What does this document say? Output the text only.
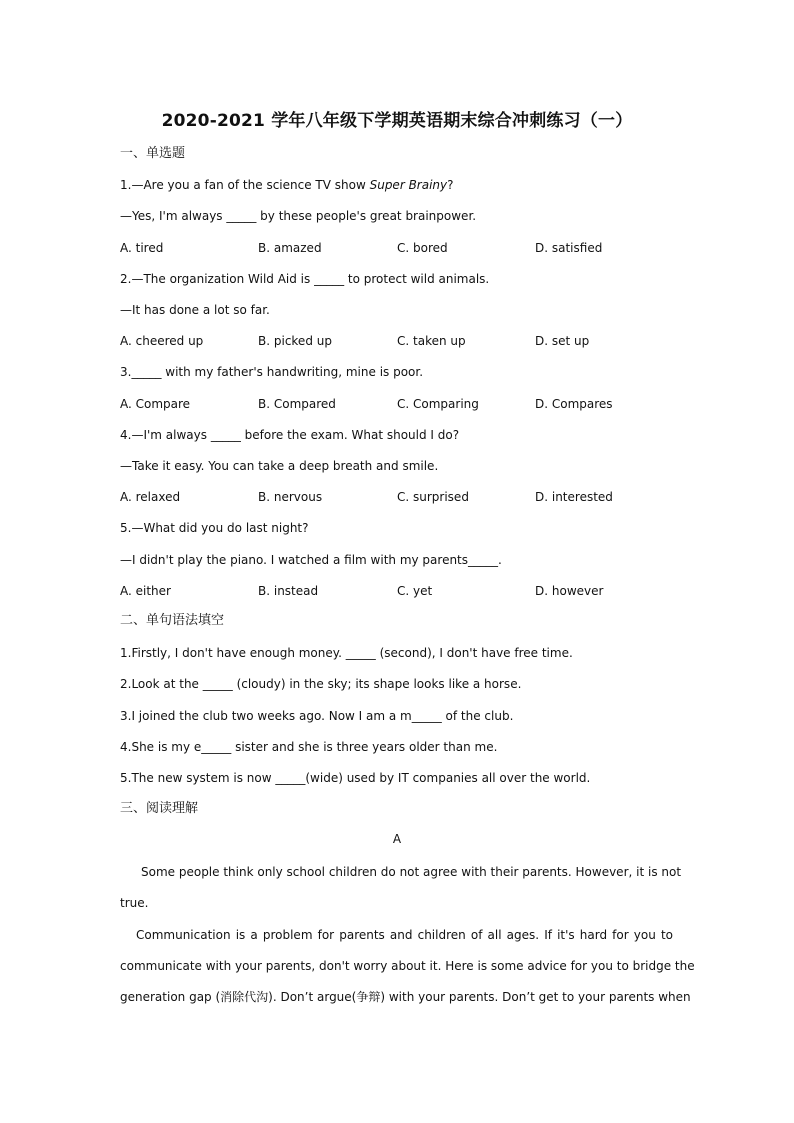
2020-2021 学年八年级下学期英语期末综合冲刺练习（一）
一、单选题
1.—Are you a fan of the science TV show Super Brainy?
—Yes, I'm always _____ by these people's great brainpower.
A. tired	B. amazed	C. bored	D. satisfied
2.—The organization Wild Aid is _____ to protect wild animals.
—It has done a lot so far.
A. cheered up	B. picked up	C. taken up	D. set up
3._____ with my father's handwriting, mine is poor.
A. Compare	B. Compared	C. Comparing	D. Compares
4.—I'm always _____ before the exam. What should I do?
—Take it easy. You can take a deep breath and smile.
A. relaxed	B. nervous	C. surprised	D. interested
5.—What did you do last night?
—I didn't play the piano. I watched a film with my parents_____.
A. either	B. instead	C. yet	D. however
二、单句语法填空
1.Firstly, I don't have enough money. _____ (second), I don't have free time.
2.Look at the _____ (cloudy) in the sky; its shape looks like a horse.
3.I joined the club two weeks ago. Now I am a m_____ of the club.
4.She is my e_____ sister and she is three years older than me.
5.The new system is now _____(wide) used by IT companies all over the world.
三、阅读理解
A
Some people think only school children do not agree with their parents. However, it is not
true.
Communication is a problem for parents and children of all ages. If it's hard for you to
communicate with your parents, don't worry about it. Here is some advice for you to bridge the
generation gap (消除代沟). Don’t argue(争辩) with your parents. Don’t get to your parents when
